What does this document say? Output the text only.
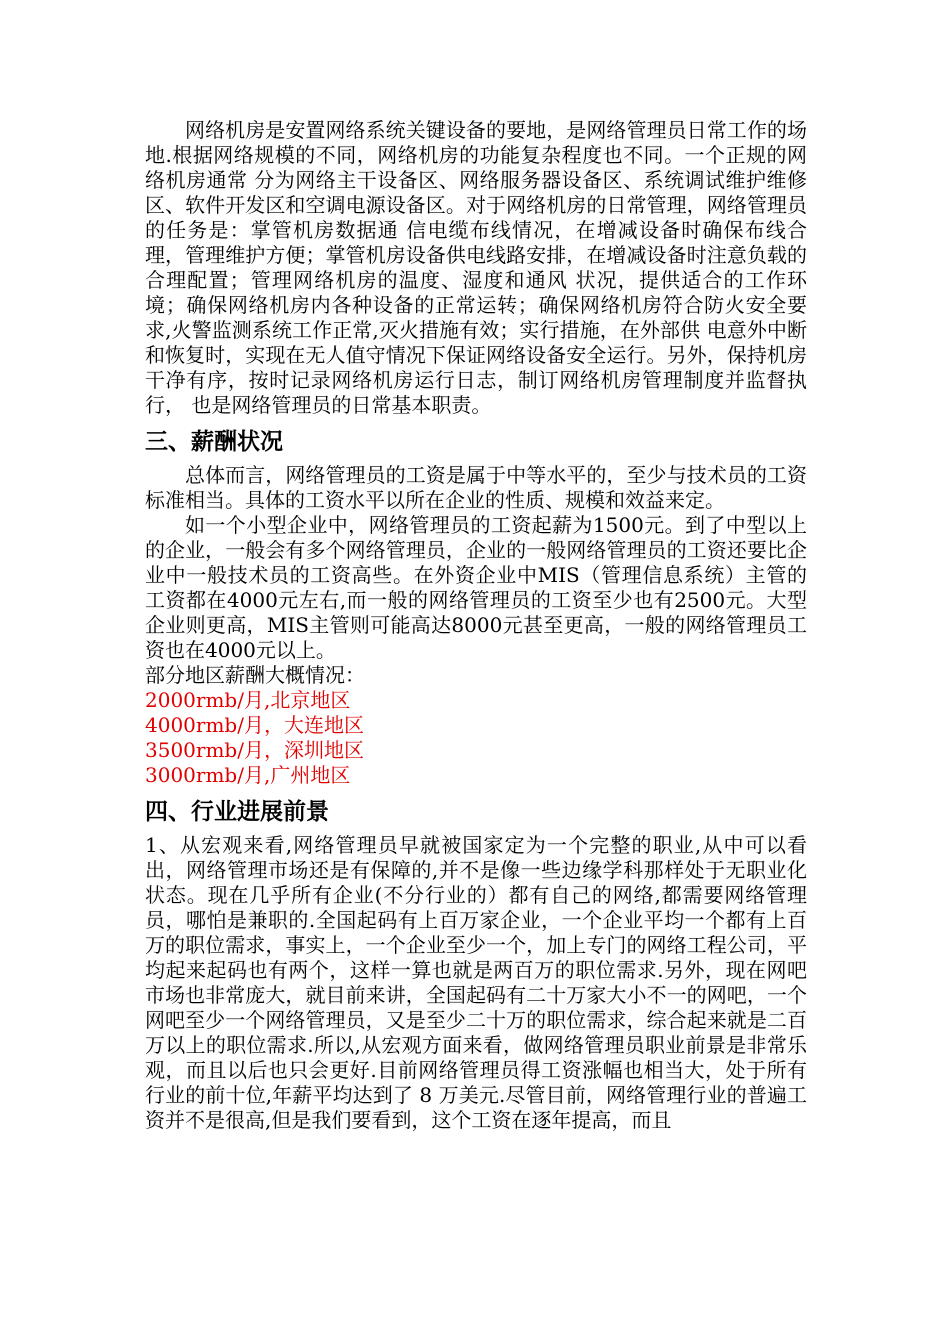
网络机房是安置网络系统关键设备的要地，是网络管理员日常工作的场地.根据网络规模的不同，网络机房的功能复杂程度也不同。一个正规的网络机房通常 分为网络主干设备区、网络服务器设备区、系统调试维护维修区、软件开发区和空调电源设备区。对于网络机房的日常管理，网络管理员的任务是：掌管机房数据通 信电缆布线情况，在增减设备时确保布线合理，管理维护方便；掌管机房设备供电线路安排，在增减设备时注意负载的合理配置；管理网络机房的温度、湿度和通风 状况，提供适合的工作环境；确保网络机房内各种设备的正常运转；确保网络机房符合防火安全要求,火警监测系统工作正常,灭火措施有效；实行措施，在外部供 电意外中断和恢复时，实现在无人值守情况下保证网络设备安全运行。另外，保持机房干净有序，按时记录网络机房运行日志，制订网络机房管理制度并监督执行， 也是网络管理员的日常基本职责。

三、薪酬状况

总体而言，网络管理员的工资是属于中等水平的，至少与技术员的工资标准相当。具体的工资水平以所在企业的性质、规模和效益来定。

如一个小型企业中，网络管理员的工资起薪为1500元。到了中型以上的企业，一般会有多个网络管理员，企业的一般网络管理员的工资还要比企业中一般技术员的工资高些。在外资企业中MIS（管理信息系统）主管的工资都在4000元左右,而一般的网络管理员的工资至少也有2500元。大型企业则更高，MIS主管则可能高达8000元甚至更高，一般的网络管理员工资也在4000元以上。

部分地区薪酬大概情况：
2000rmb/月,北京地区
4000rmb/月，大连地区
3500rmb/月，深圳地区
3000rmb/月,广州地区
四、行业进展前景

1、从宏观来看,网络管理员早就被国家定为一个完整的职业,从中可以看出，网络管理市场还是有保障的,并不是像一些边缘学科那样处于无职业化状态。现在几乎所有企业(不分行业的）都有自己的网络,都需要网络管理员，哪怕是兼职的.全国起码有上百万家企业，一个企业平均一个都有上百万的职位需求，事实上，一个企业至少一个，加上专门的网络工程公司，平均起来起码也有两个，这样一算也就是两百万的职位需求.另外，现在网吧市场也非常庞大，就目前来讲，全国起码有二十万家大小不一的网吧，一个网吧至少一个网络管理员，又是至少二十万的职位需求，综合起来就是二百万以上的职位需求.所以,从宏观方面来看，做网络管理员职业前景是非常乐观，而且以后也只会更好.目前网络管理员得工资涨幅也相当大，处于所有行业的前十位,年薪平均达到了 8 万美元.尽管目前，网络管理行业的普遍工资并不是很高,但是我们要看到，这个工资在逐年提高，而且
